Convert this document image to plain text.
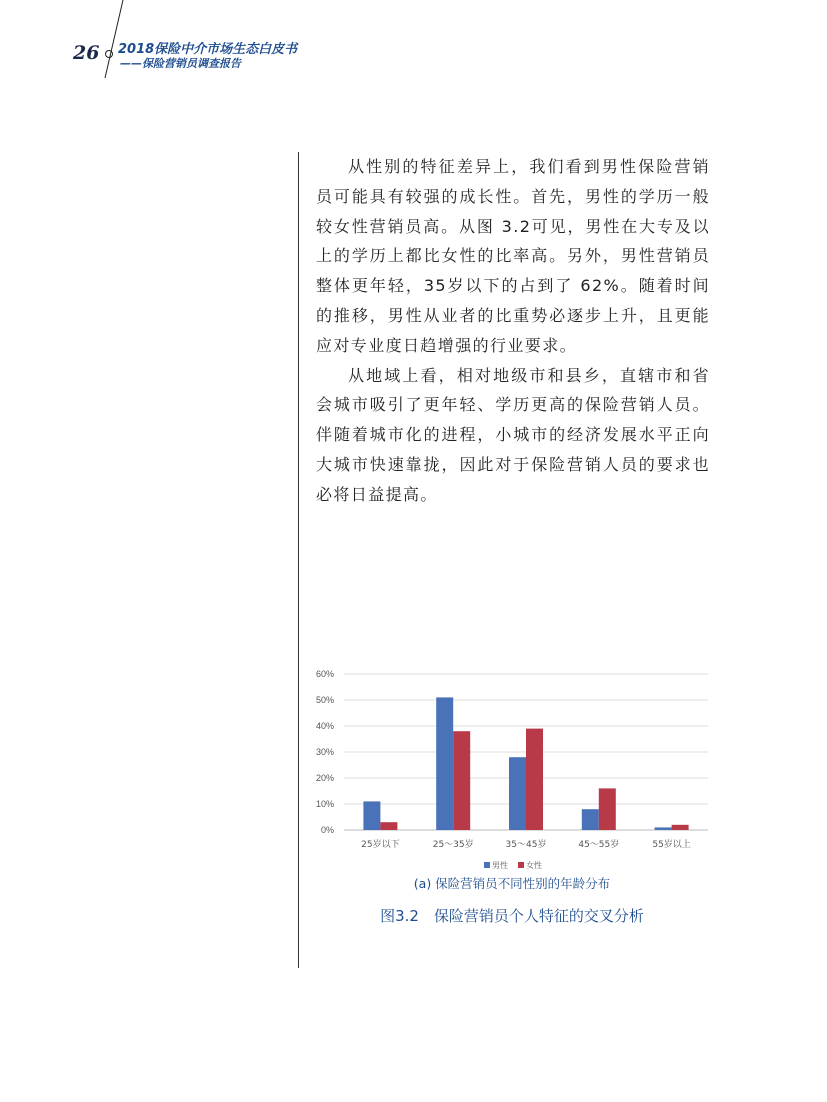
26 2018保险中介市场生态白皮书
——保险营销员调查报告

从性别的特征差异上，我们看到男性保险营销员可能具有较强的成长性。首先，男性的学历一般较女性营销员高。从图 3.2可见，男性在大专及以上的学历上都比女性的比率高。另外，男性营销员整体更年轻，35岁以下的占到了 62%。随着时间的推移，男性从业者的比重势必逐步上升，且更能应对专业度日趋增强的行业要求。

从地域上看，相对地级市和县乡，直辖市和省会城市吸引了更年轻、学历更高的保险营销人员。伴随着城市化的进程，小城市的经济发展水平正向大城市快速靠拢，因此对于保险营销人员的要求也必将日益提高。

0%
10%
20%
30%
40%
50%
60%
25岁以下	25～35岁	35～45岁	45～55岁	55岁以上
男性 女性
(a) 保险营销员不同性别的年龄分布
图3.2　保险营销员个人特征的交叉分析
